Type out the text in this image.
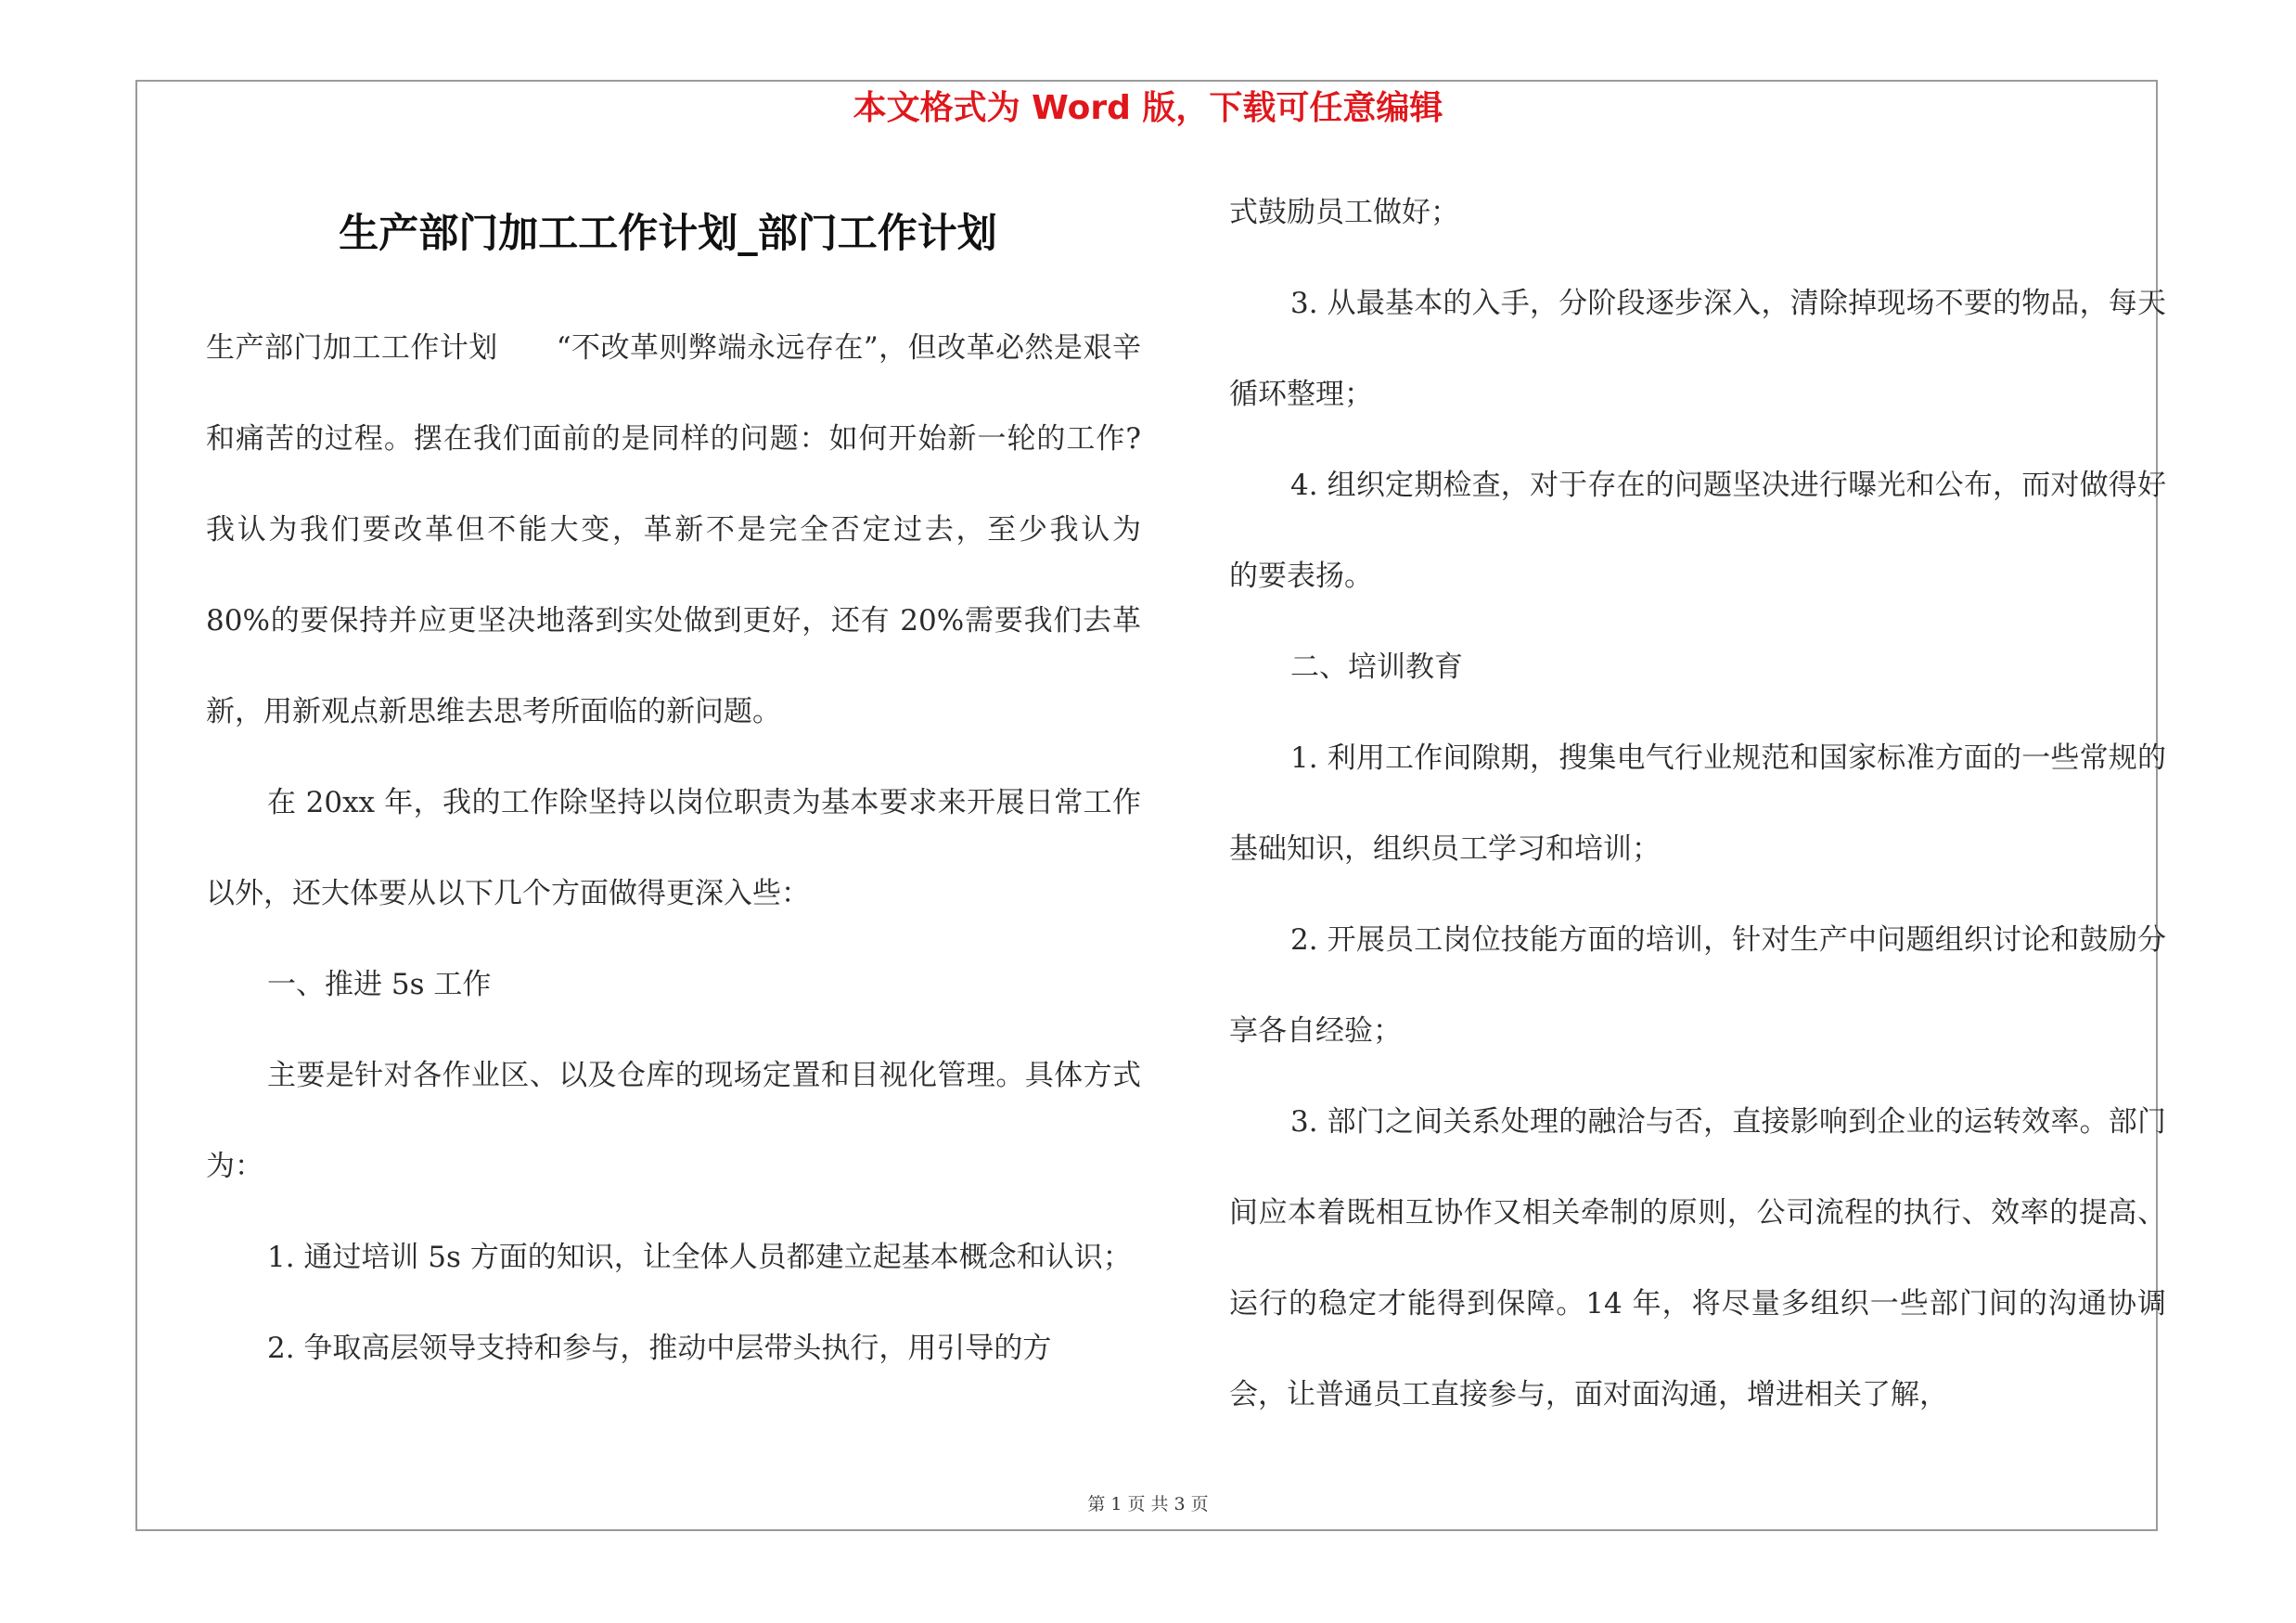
本文格式为 Word 版，下载可任意编辑
生产部门加工工作计划_部门工作计划

生产部门加工工作计划　　“不改革则弊端永远存在”，但改革必然是艰辛和痛苦的过程。摆在我们面前的是同样的问题：如何开始新一轮的工作?我认为我们要改革但不能大变，革新不是完全否定过去，至少我认为 80%的要保持并应更坚决地落到实处做到更好，还有 20%需要我们去革新，用新观点新思维去思考所面临的新问题。

在 20xx 年，我的工作除坚持以岗位职责为基本要求来开展日常工作以外，还大体要从以下几个方面做得更深入些：

一、推进 5s 工作

主要是针对各作业区、以及仓库的现场定置和目视化管理。具体方式为：

1. 通过培训 5s 方面的知识，让全体人员都建立起基本概念和认识；

2. 争取高层领导支持和参与，推动中层带头执行，用引导的方

式鼓励员工做好；

3. 从最基本的入手，分阶段逐步深入，清除掉现场不要的物品，每天循环整理；

4. 组织定期检查，对于存在的问题坚决进行曝光和公布，而对做得好的要表扬。

二、培训教育

1. 利用工作间隙期，搜集电气行业规范和国家标准方面的一些常规的基础知识，组织员工学习和培训；

2. 开展员工岗位技能方面的培训，针对生产中问题组织讨论和鼓励分享各自经验；

3. 部门之间关系处理的融洽与否，直接影响到企业的运转效率。部门间应本着既相互协作又相关牵制的原则，公司流程的执行、效率的提高、运行的稳定才能得到保障。14 年，将尽量多组织一些部门间的沟通协调会，让普通员工直接参与，面对面沟通，增进相关了解，

第 1 页 共 3 页
